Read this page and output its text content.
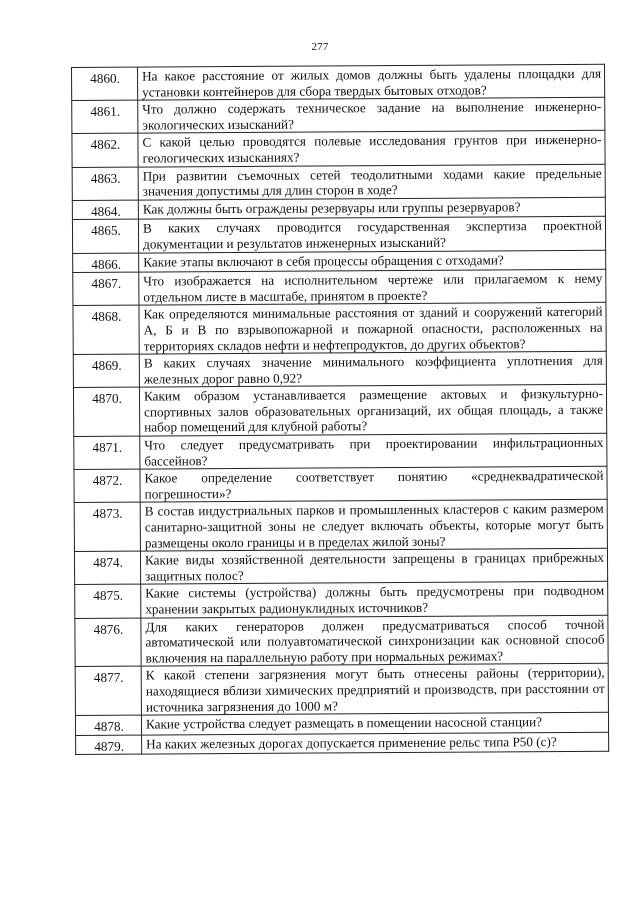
277
4860.	На какое расстояние от жилых домов должны быть удалены площадки для установки контейнеров для сбора твердых бытовых отходов?
4861.	Что должно содержать техническое задание на выполнение инженерно-экологических изысканий?
4862.	С какой целью проводятся полевые исследования грунтов при инженерно-геологических изысканиях?
4863.	При развитии съемочных сетей теодолитными ходами какие предельные значения допустимы для длин сторон в ходе?
4864.	Как должны быть ограждены резервуары или группы резервуаров?
4865.	В каких случаях проводится государственная экспертиза проектной документации и результатов инженерных изысканий?
4866.	Какие этапы включают в себя процессы обращения с отходами?
4867.	Что изображается на исполнительном чертеже или прилагаемом к нему отдельном листе в масштабе, принятом в проекте?
4868.	Как определяются минимальные расстояния от зданий и сооружений категорий А, Б и В по взрывопожарной и пожарной опасности, расположенных на территориях складов нефти и нефтепродуктов, до других объектов?
4869.	В каких случаях значение минимального коэффициента уплотнения для железных дорог равно 0,92?
4870.	Каким образом устанавливается размещение актовых и физкультурно-спортивных залов образовательных организаций, их общая площадь, а также набор помещений для клубной работы?
4871.	Что следует предусматривать при проектировании инфильтрационных бассейнов?
4872.	Какое определение соответствует понятию «среднеквадратической погрешности»?
4873.	В состав индустриальных парков и промышленных кластеров с каким размером санитарно-защитной зоны не следует включать объекты, которые могут быть размещены около границы и в пределах жилой зоны?
4874.	Какие виды хозяйственной деятельности запрещены в границах прибрежных защитных полос?
4875.	Какие системы (устройства) должны быть предусмотрены при подводном хранении закрытых радионуклидных источников?
4876.	Для каких генераторов должен предусматриваться способ точной автоматической или полуавтоматической синхронизации как основной способ включения на параллельную работу при нормальных режимах?
4877.	К какой степени загрязнения могут быть отнесены районы (территории), находящиеся вблизи химических предприятий и производств, при расстоянии от источника загрязнения до 1000 м?
4878.	Какие устройства следует размещать в помещении насосной станции?
4879.	На каких железных дорогах допускается применение рельс типа Р50 (с)?
